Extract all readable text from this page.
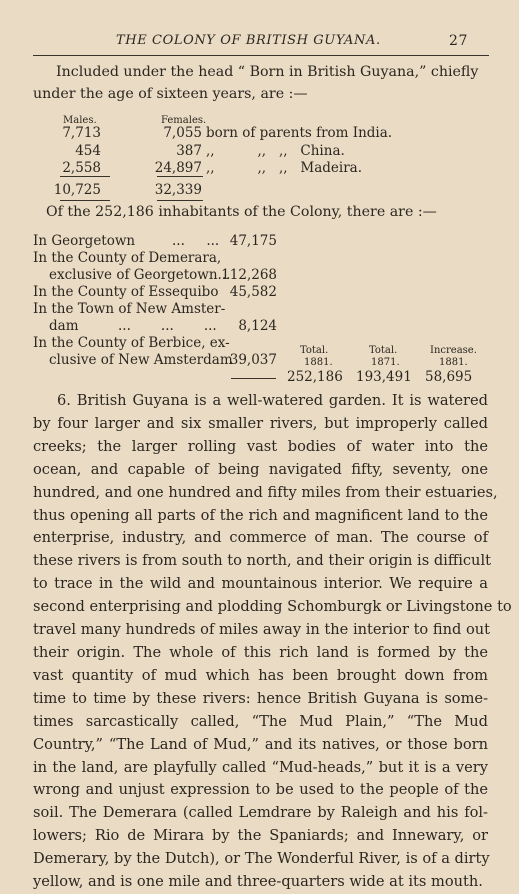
THE COLONY OF BRITISH GUYANA.	27
Included under the head “ Born in British Guyana,” chiefly
under the age of sixteen years, are :—
Males.	Females.
7,713	7,055 born of parents from India.
454	387 ,,          ,,   ,,   China.
2,558	24,897 ,,          ,,   ,,   Madeira.
10,725	32,339
Of the 252,186 inhabitants of the Colony, there are :—
In Georgetown	...     ... 47,175
In the County of Demerara,
exclusive of Georgetown...
112,268
In the County of Essequibo 45,582
In the Town of New Amster-
dam	...       ...       ... 8,124
In the County of Berbice, ex-
clusive of New Amsterdam
39,037
Total.	Total.	Increase.
1881.	1871.	1881.
252,186 193,491 58,695
6. British Guyana is a well-watered garden. It is watered
by four larger and six smaller rivers, but improperly called
creeks; the larger rolling vast bodies of water into the
ocean, and capable of being navigated fifty, seventy, one
hundred, and one hundred and fifty miles from their estuaries,
thus opening all parts of the rich and magnificent land to the
enterprise, industry, and commerce of man. The course of
these rivers is from south to north, and their origin is difficult
to trace in the wild and mountainous interior. We require a
second enterprising and plodding Schomburgk or Livingstone to
travel many hundreds of miles away in the interior to find out
their origin. The whole of this rich land is formed by the
vast quantity of mud which has been brought down from
time to time by these rivers: hence British Guyana is some-
times sarcastically called, “The Mud Plain,” “The Mud
Country,” “The Land of Mud,” and its natives, or those born
in the land, are playfully called “Mud-heads,” but it is a very
wrong and unjust expression to be used to the people of the
soil. The Demerara (called Lemdrare by Raleigh and his fol-
lowers; Rio de Mirara by the Spaniards; and Innewary, or
Demerary, by the Dutch), or The Wonderful River, is of a dirty
yellow, and is one mile and three-quarters wide at its mouth.
